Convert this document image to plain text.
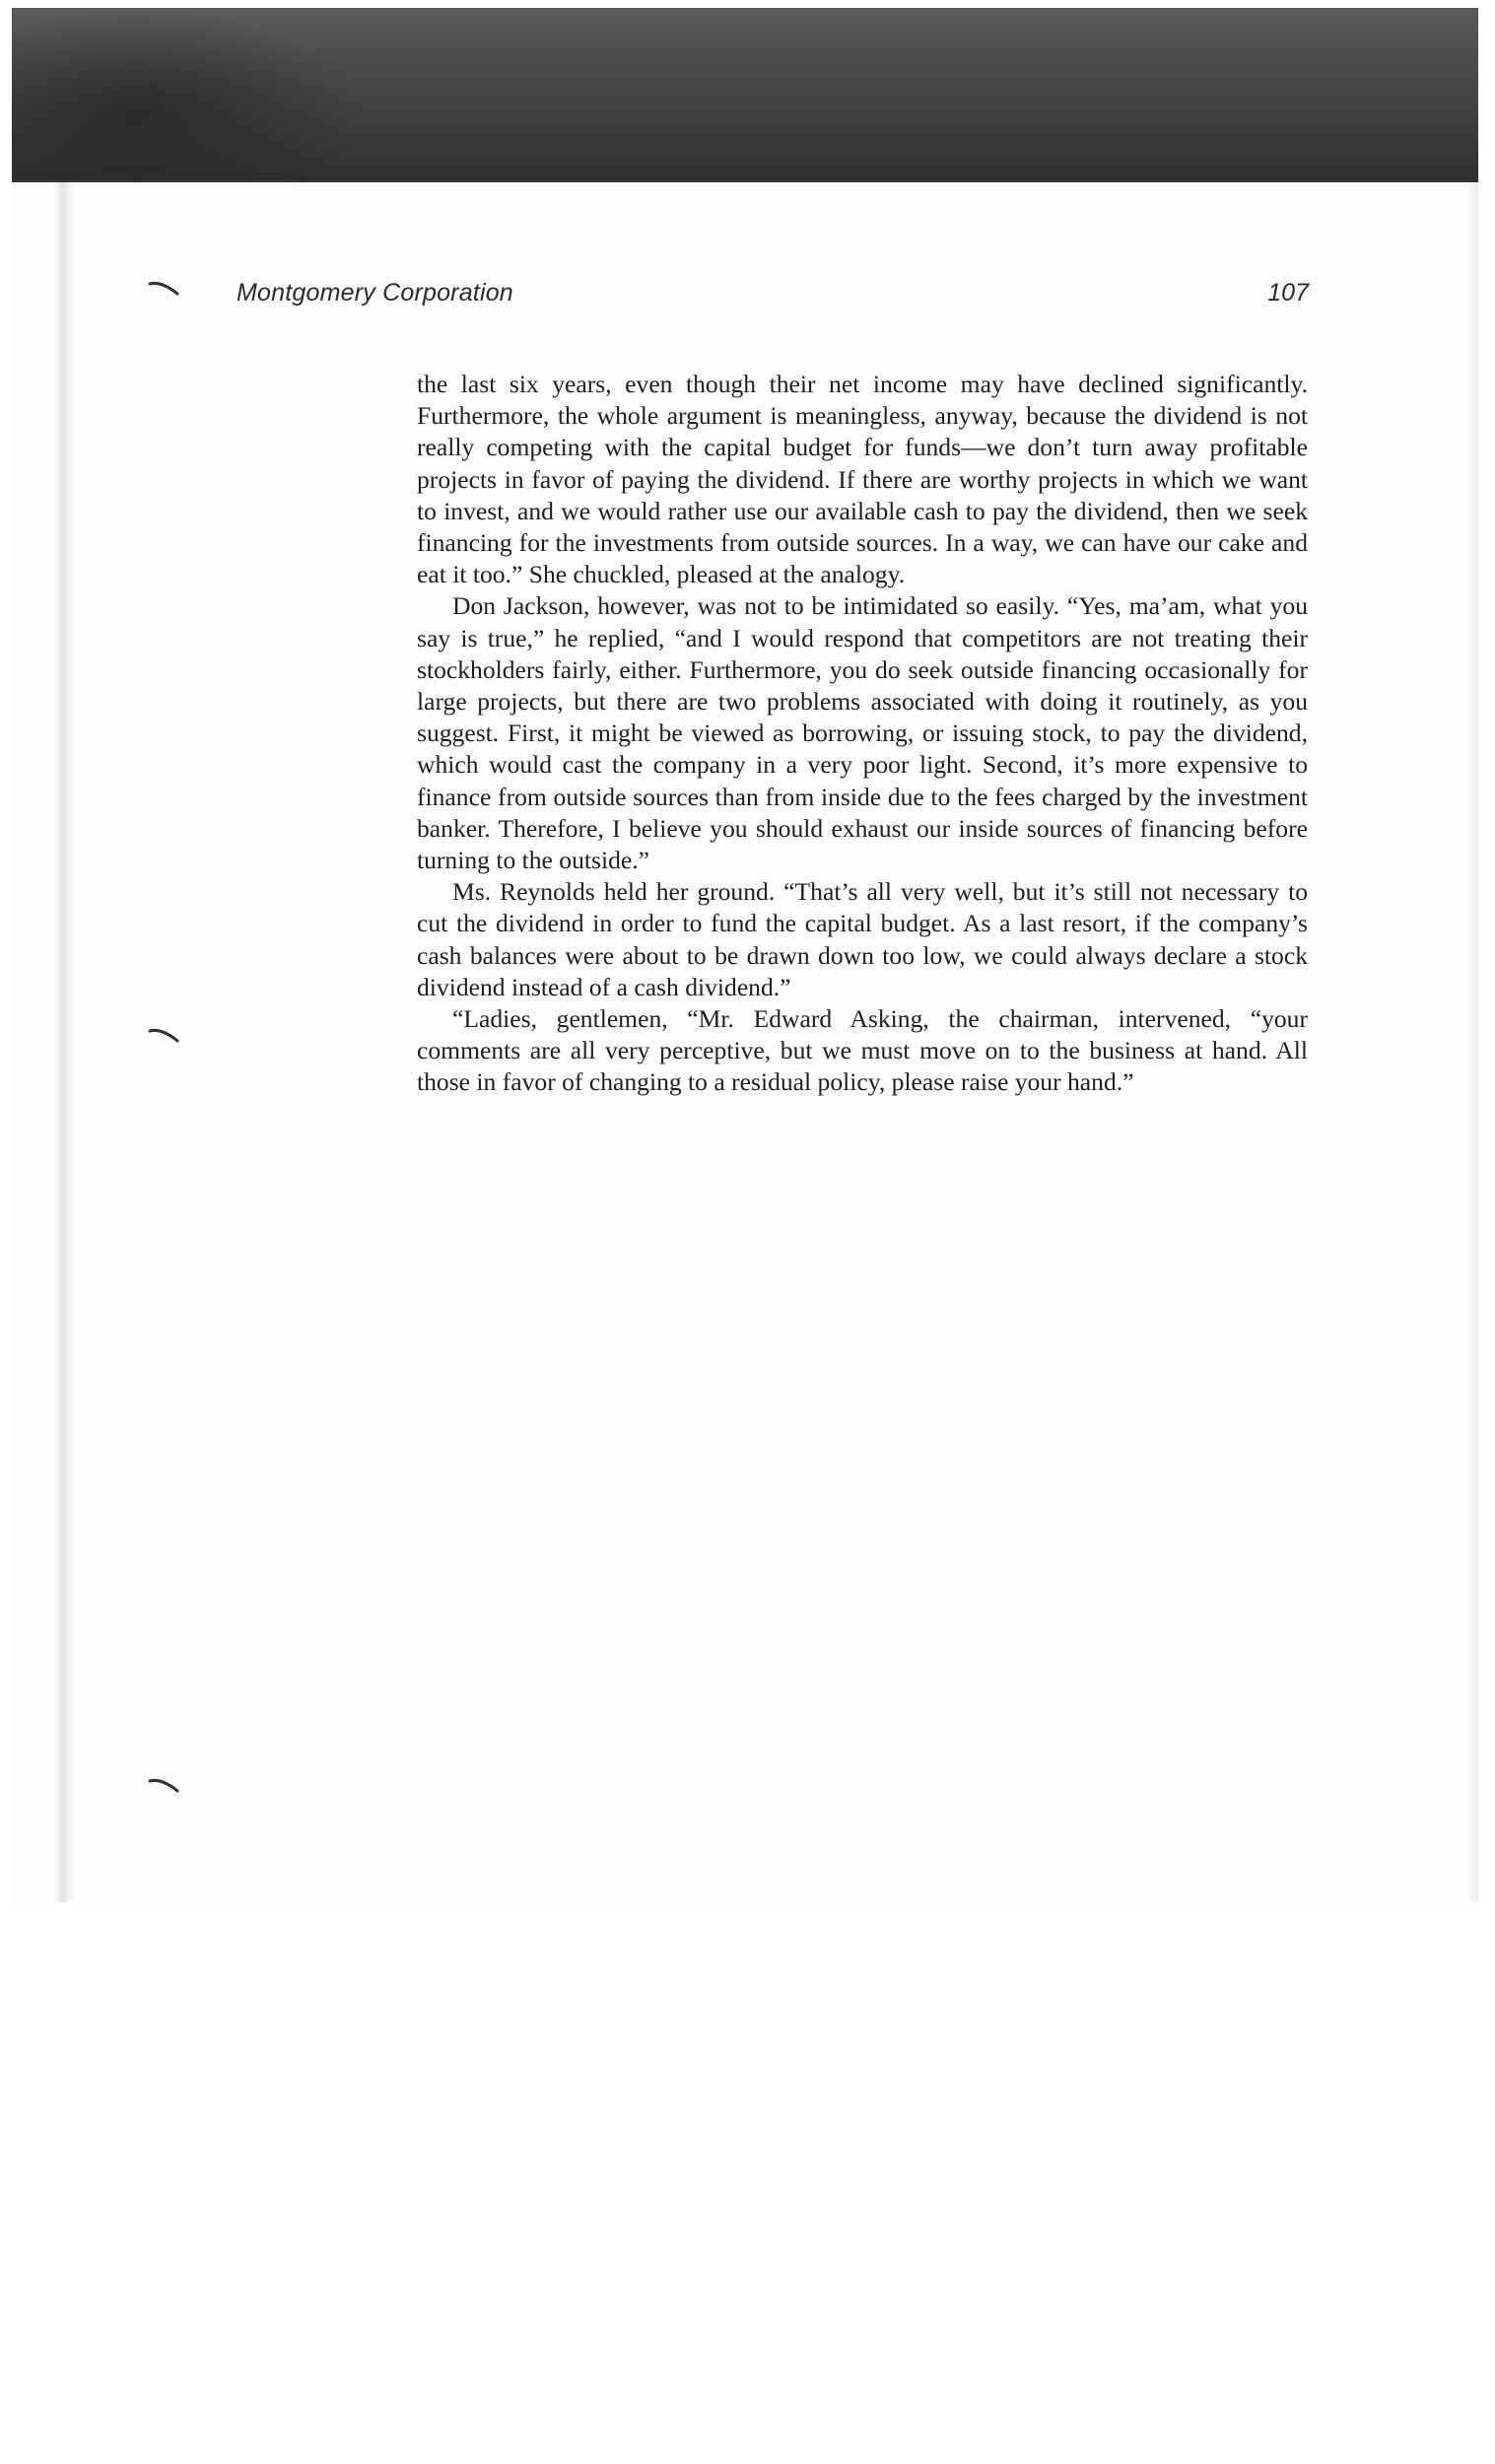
Montgomery Corporation	107

the last six years, even though their net income may have declined significantly. Furthermore, the whole argument is meaningless, anyway, because the dividend is not really competing with the capital budget for funds—we don’t turn away profitable projects in favor of paying the dividend. If there are worthy projects in which we want to invest, and we would rather use our available cash to pay the dividend, then we seek financing for the investments from outside sources. In a way, we can have our cake and eat it too.” She chuckled, pleased at the analogy.

Don Jackson, however, was not to be intimidated so easily. “Yes, ma’am, what you say is true,” he replied, “and I would respond that competitors are not treating their stockholders fairly, either. Furthermore, you do seek outside financing occasionally for large projects, but there are two problems associated with doing it routinely, as you suggest. First, it might be viewed as borrowing, or issuing stock, to pay the dividend, which would cast the company in a very poor light. Second, it’s more expensive to finance from outside sources than from inside due to the fees charged by the investment banker. Therefore, I believe you should exhaust our inside sources of financing before turning to the outside.”

Ms. Reynolds held her ground. “That’s all very well, but it’s still not necessary to cut the dividend in order to fund the capital budget. As a last resort, if the company’s cash balances were about to be drawn down too low, we could always declare a stock dividend instead of a cash dividend.”

“Ladies, gentlemen, “Mr. Edward Asking, the chairman, intervened, “your comments are all very perceptive, but we must move on to the business at hand. All those in favor of changing to a residual policy, please raise your hand.”
